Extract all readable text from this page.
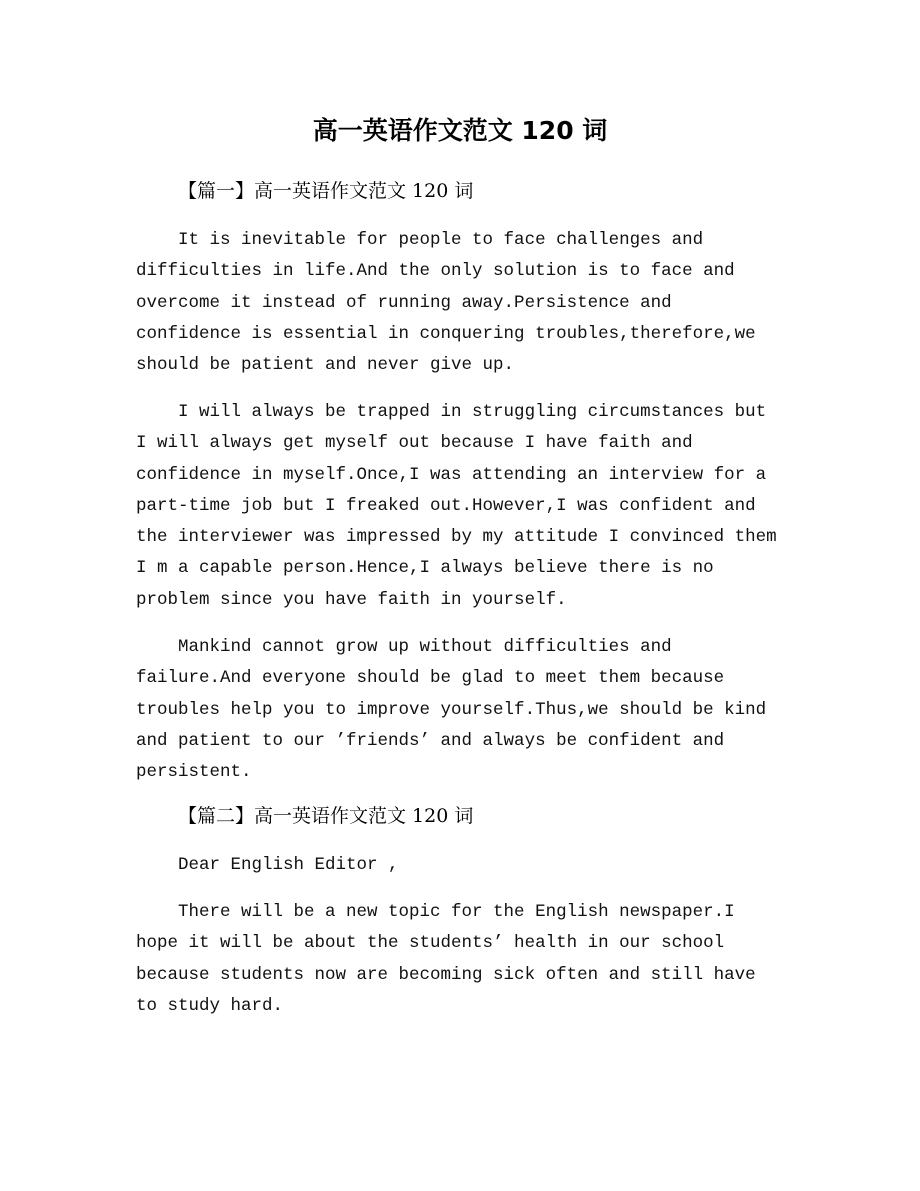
高一英语作文范文 120 词
【篇一】高一英语作文范文 120 词

It is inevitable for people to face challenges and
difficulties in life.And the only solution is to face and
overcome it instead of running away.Persistence and
confidence is essential in conquering troubles,therefore,we
should be patient and never give up.

I will always be trapped in struggling circumstances but
I will always get myself out because I have faith and
confidence in myself.Once,I was attending an interview for a
part-time job but I freaked out.However,I was confident and
the interviewer was impressed by my attitude I convinced them
I m a capable person.Hence,I always believe there is no
problem since you have faith in yourself.

Mankind cannot grow up without difficulties and
failure.And everyone should be glad to meet them because
troubles help you to improve yourself.Thus,we should be kind
and patient to our ’friends’ and always be confident and
persistent.

【篇二】高一英语作文范文 120 词

Dear English Editor ,

There will be a new topic for the English newspaper.I
hope it will be about the students’ health in our school
because students now are becoming sick often and still have
to study hard.
